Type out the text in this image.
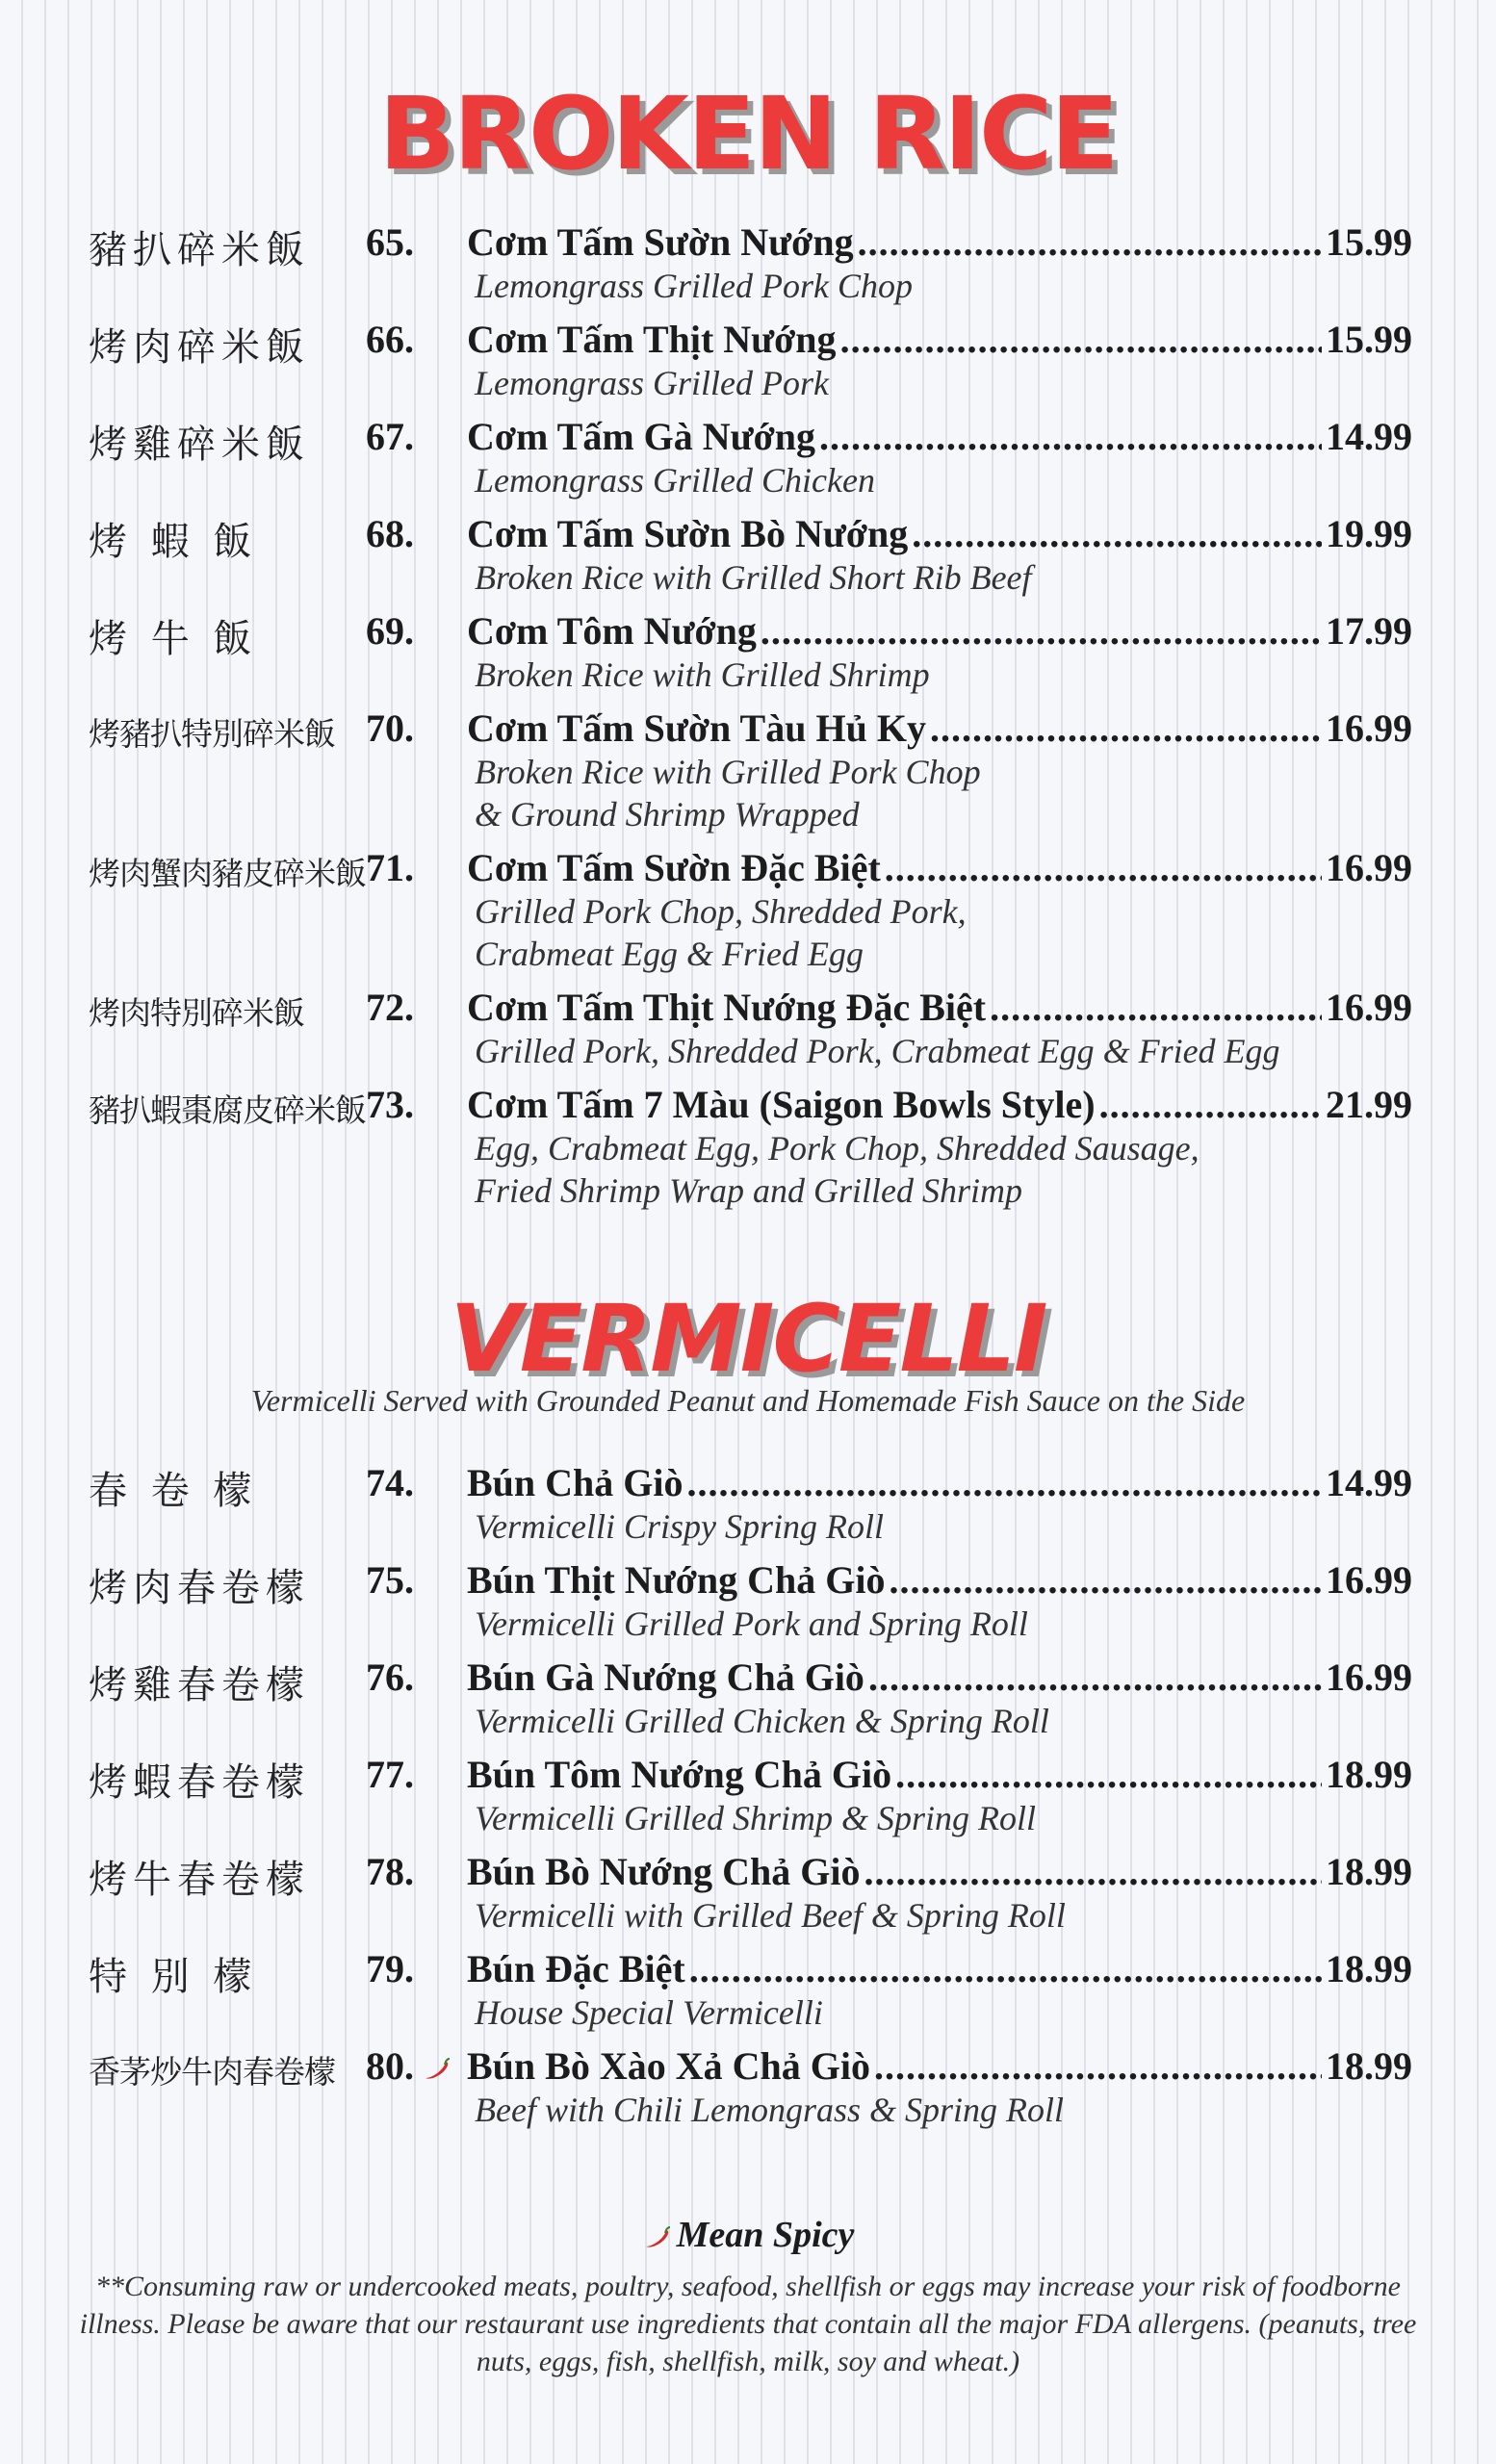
BROKEN RICE
豬扒碎米飯 65. Cơm Tấm Sườn Nướng .....	15.99
Lemongrass Grilled Pork Chop
烤肉碎米飯 66. Cơm Tấm Thịt Nướng .....	15.99
Lemongrass Grilled Pork
烤雞碎米飯 67. Cơm Tấm Gà Nướng .....	14.99
Lemongrass Grilled Chicken
烤 蝦 飯	68. Cơm Tấm Sườn Bò Nướng .....	19.99
Broken Rice with Grilled Short Rib Beef
烤 牛 飯	69. Cơm Tôm Nướng .....	17.99
Broken Rice with Grilled Shrimp
烤豬扒特別碎米飯 70. Cơm Tấm Sườn Tàu Hủ Ky .....	16.99
Broken Rice with Grilled Pork Chop
& Ground Shrimp Wrapped
烤肉蟹肉豬皮碎米飯 71. Cơm Tấm Sườn Đặc Biệt .....	16.99
Grilled Pork Chop, Shredded Pork,
Crabmeat Egg & Fried Egg
烤肉特別碎米飯 72. Cơm Tấm Thịt Nướng Đặc Biệt .....	16.99
Grilled Pork, Shredded Pork, Crabmeat Egg & Fried Egg
豬扒蝦棗腐皮碎米飯 73. Cơm Tấm 7 Màu (Saigon Bowls Style) .....	21.99
Egg, Crabmeat Egg, Pork Chop, Shredded Sausage,
Fried Shrimp Wrap and Grilled Shrimp
VERMICELLI
Vermicelli Served with Grounded Peanut and Homemade Fish Sauce on the Side
春 卷 檬	74. Bún Chả Giò .....	14.99
Vermicelli Crispy Spring Roll
烤肉春卷檬 75. Bún Thịt Nướng Chả Giò .....	16.99
Vermicelli Grilled Pork and Spring Roll
烤雞春卷檬 76. Bún Gà Nướng Chả Giò .....	16.99
Vermicelli Grilled Chicken & Spring Roll
烤蝦春卷檬 77. Bún Tôm Nướng Chả Giò .....	18.99
Vermicelli Grilled Shrimp & Spring Roll
烤牛春卷檬 78. Bún Bò Nướng Chả Giò .....	18.99
Vermicelli with Grilled Beef & Spring Roll
特 別 檬	79. Bún Đặc Biệt .....	18.99
House Special Vermicelli
香茅炒牛肉春卷檬 80. Bún Bò Xào Xả Chả Giò .....	18.99
Beef with Chili Lemongrass & Spring Roll
Mean Spicy
**Consuming raw or undercooked meats, poultry, seafood, shellfish or eggs may increase your risk of foodborne illness. Please be aware that our restaurant use ingredients that contain all the major FDA allergens. (peanuts, tree nuts, eggs, fish, shellfish, milk, soy and wheat.)
